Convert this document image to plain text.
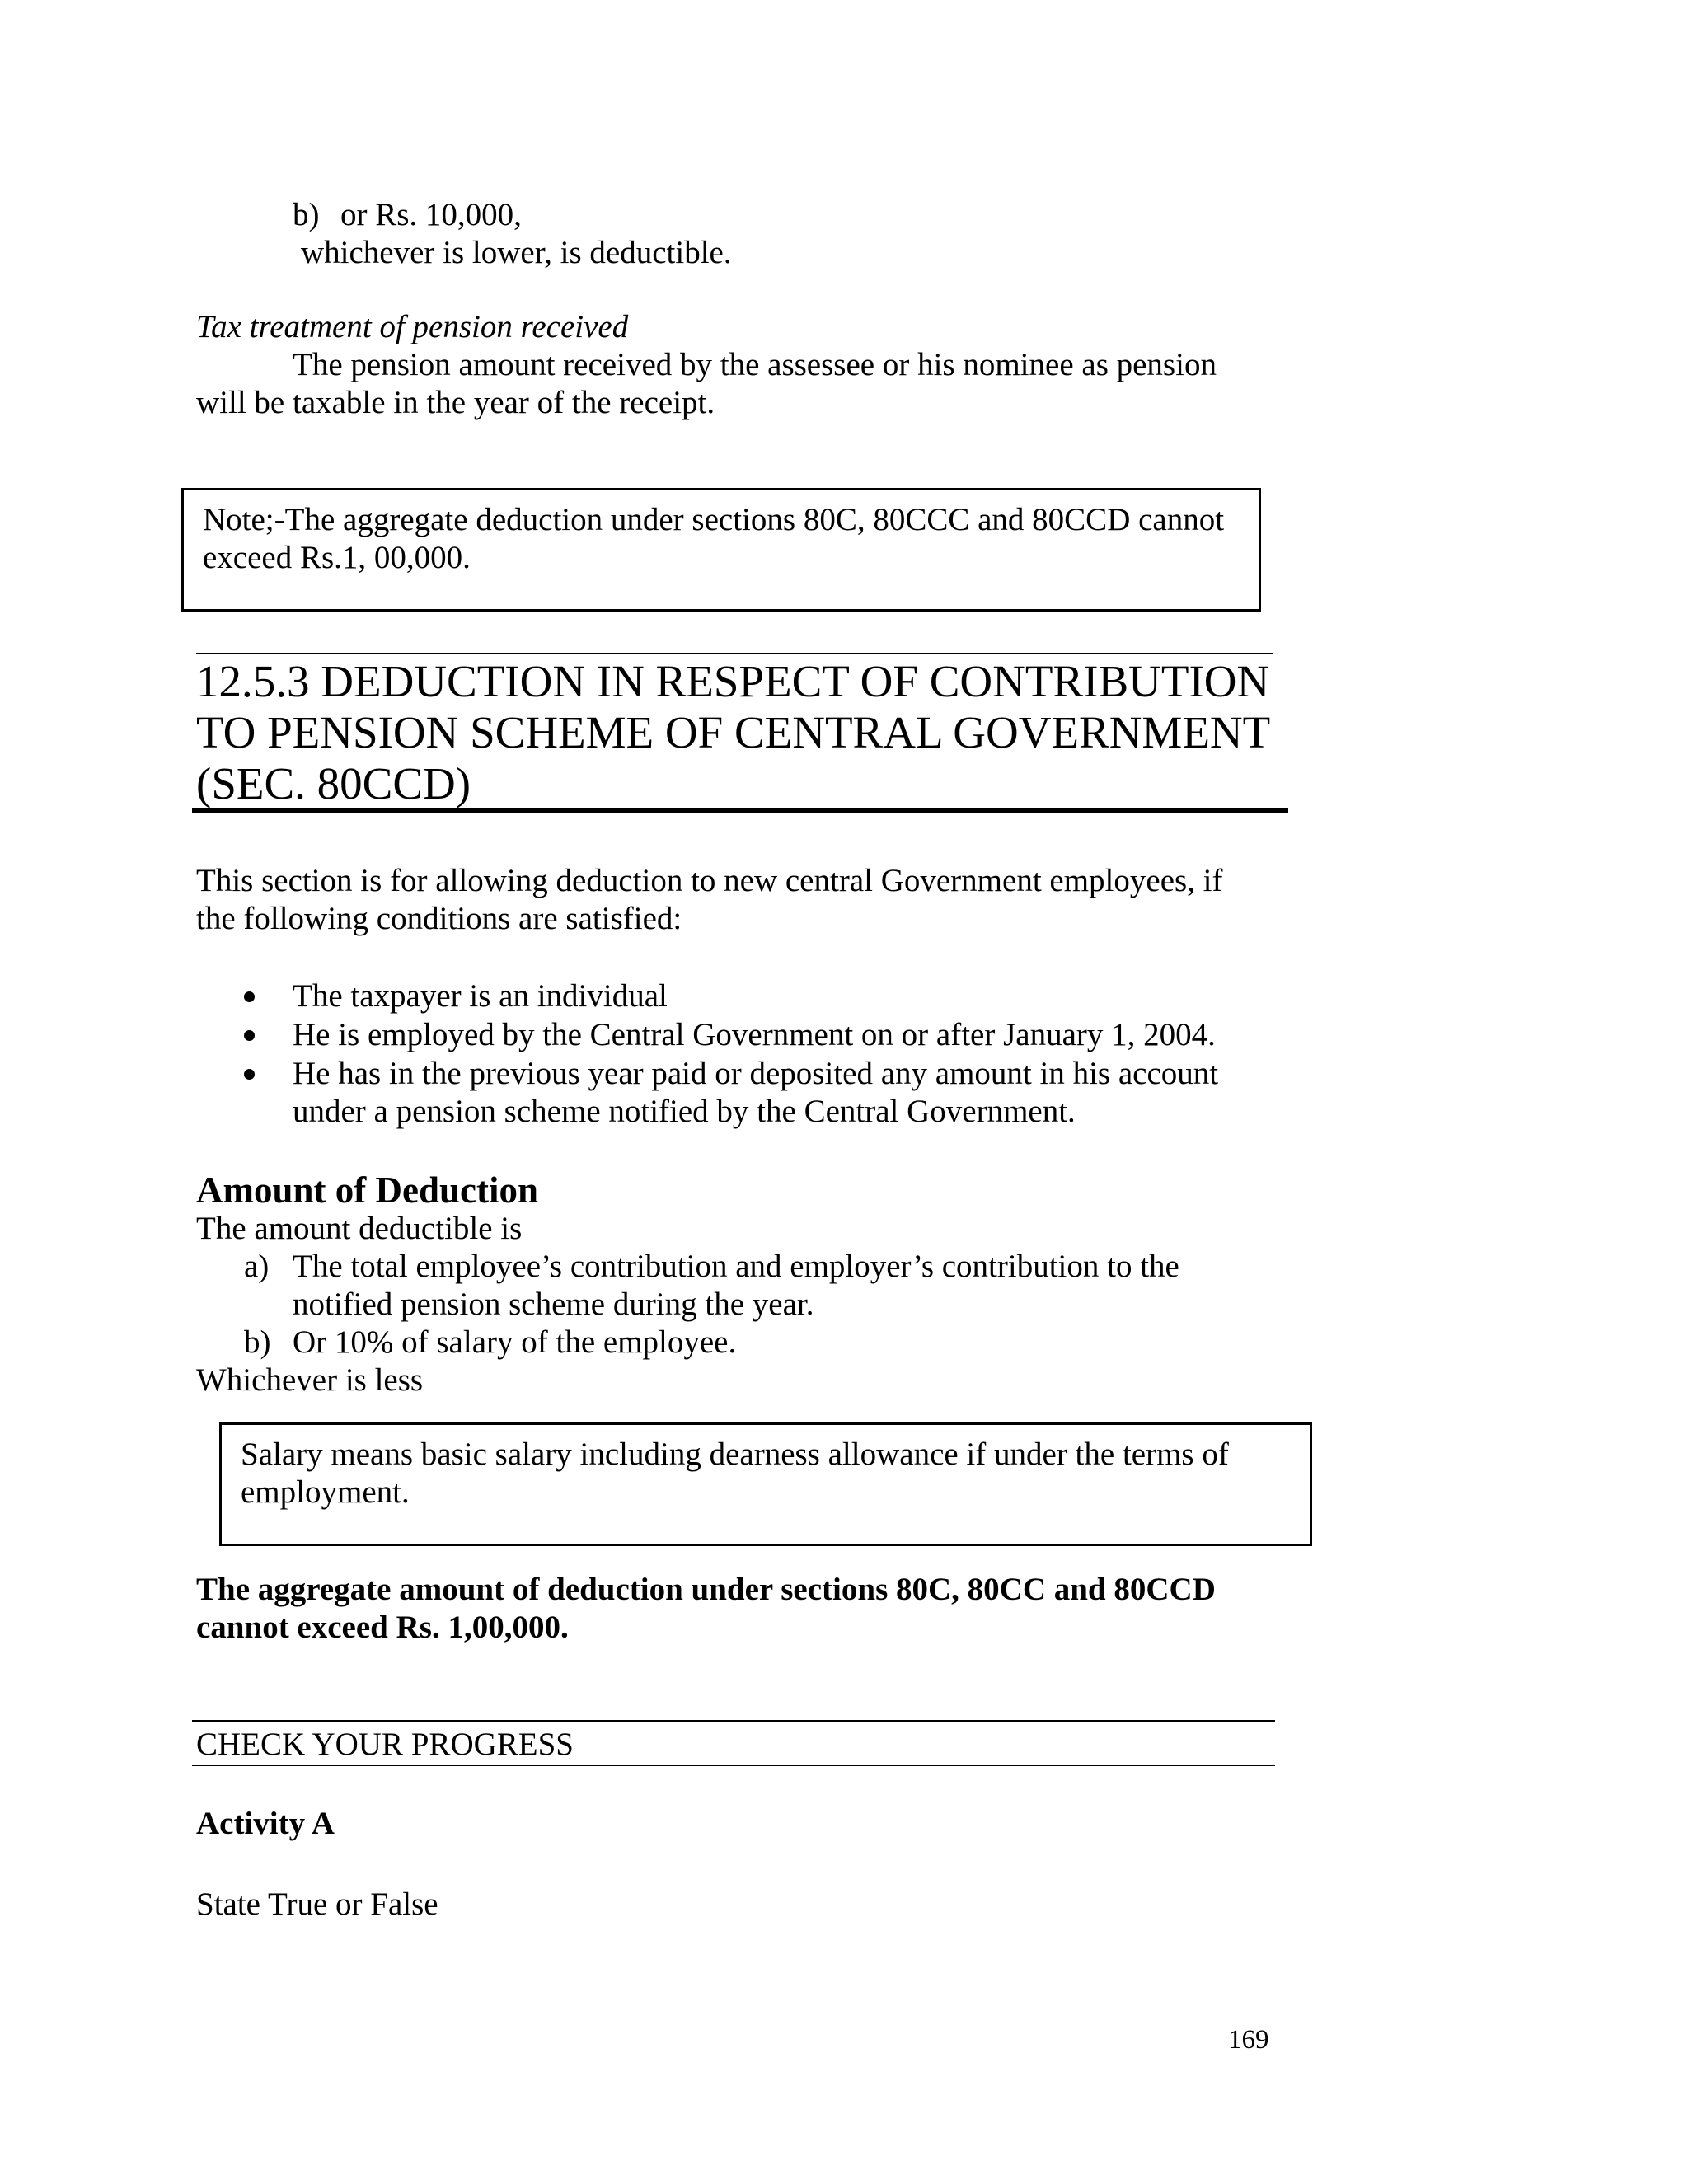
b) or Rs. 10,000,

whichever is lower, is deductible.

Tax treatment of pension received

The pension amount received by the assessee or his nominee as pension

will be taxable in the year of the receipt.

Note;-The aggregate deduction under sections 80C, 80CCC and 80CCD cannot

exceed Rs.1, 00,000.

12.5.3 DEDUCTION IN RESPECT OF CONTRIBUTION

TO PENSION SCHEME OF CENTRAL GOVERNMENT

(SEC. 80CCD)

This section is for allowing deduction to new central Government employees, if

the following conditions are satisfied:

The taxpayer is an individual

He is employed by the Central Government on or after January 1, 2004.

He has in the previous year paid or deposited any amount in his account

under a pension scheme notified by the Central Government.

Amount of Deduction

The amount deductible is

a) The total employee’s contribution and employer’s contribution to the

notified pension scheme during the year.

b) Or 10% of salary of the employee.

Whichever is less

Salary means basic salary including dearness allowance if under the terms of

employment.

The aggregate amount of deduction under sections 80C, 80CC and 80CCD

cannot exceed Rs. 1,00,000.

CHECK YOUR PROGRESS

Activity A

State True or False

169
